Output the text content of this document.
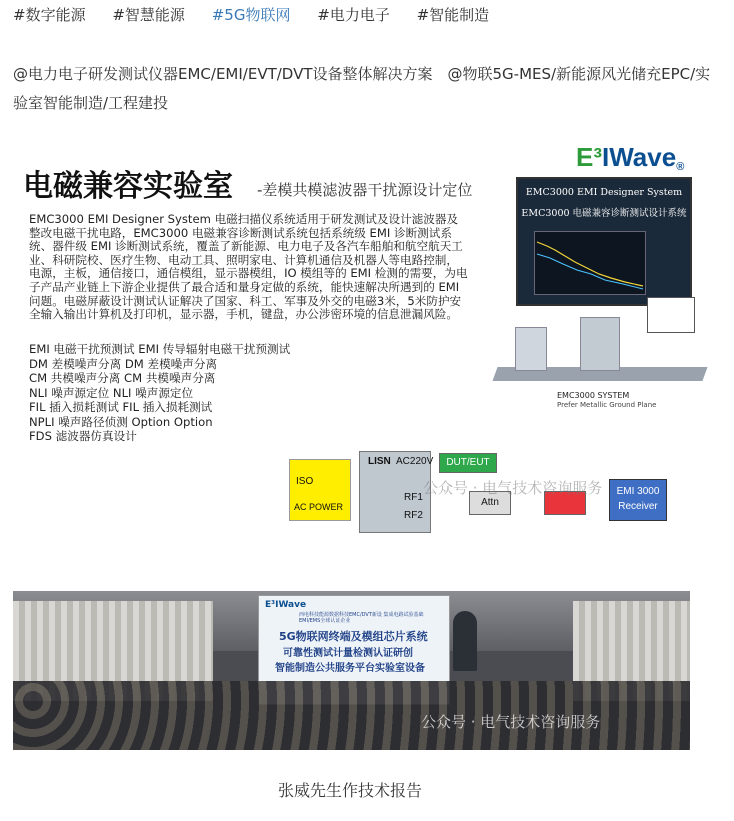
#数字能源 #智慧能源 #5G物联网 #电力电子 #智能制造
@电力电子研发测试仪器EMC/EMI/EVT/DVT设备整体解决方案　@物联5G-MES/新能源风光储充EPC/实验室智能制造/工程建投
电磁兼容实验室 -差模共模滤波器干扰源设计定位
EMC3000 EMI Designer System 电磁扫描仪系统适用于研发测试及设计滤波器及整改电磁干扰电路，EMC3000 电磁兼容诊断测试系统包括系统级 EMI 诊断测试系统、器件级 EMI 诊断测试系统，覆盖了新能源、电力电子及各汽车船舶和航空航天工业、科研院校、医疗生物、电动工具、照明家电、计算机通信及机器人等电路控制，电源，主板，通信接口，通信模组，显示器模组，IO 模组等的 EMI 检测的需要，为电子产品产业链上下游企业提供了最合适和量身定做的系统，能快速解决所遇到的 EMI 问题。电磁屏蔽设计测试认证解决了国家、科工、军事及外交的电磁3米，5米防护安全输入输出计算机及打印机，显示器，手机，键盘，办公涉密环境的信息泄漏风险。
EMI 电磁干扰预测试 EMI 传导辐射电磁干扰预测试
DM 差模噪声分离 DM 差模噪声分离
CM 共模噪声分离 CM 共模噪声分离
NLI 噪声源定位 NLI 噪声源定位
FIL 插入损耗测试 FIL 插入损耗测试
NPLI 噪声路径侦测 Option Option
FDS 滤波器仿真设计
E³IWave®
EMC3000 EMI Designer System
EMC3000 电磁兼容诊断测试设计系统
EMC3000 SYSTEM
Prefer Metallic Ground Plane
ISO
AC POWER
LISN AC220V
RF1
RF2
DUT/EUT
Attn
EMI 3000
Receiver
公众号 · 电气技术咨询服务
E³IWave
西电科技能源数据科技EMC/DVT新设 集成电路试验基础EMI/EMS全球认证企业
5G物联网终端及模组芯片系统
可靠性测试计量检测认证研创
智能制造公共服务平台实验室设备
公众号 · 电气技术咨询服务
张威先生作技术报告
